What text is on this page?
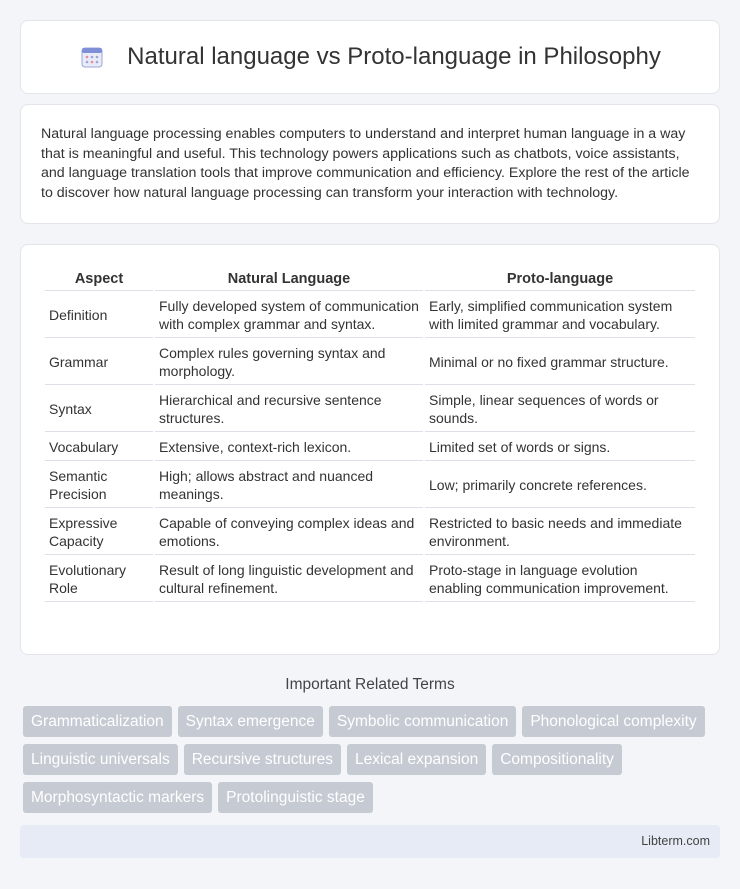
Natural language vs Proto-language in Philosophy

Natural language processing enables computers to understand and interpret human language in a way that is meaningful and useful. This technology powers applications such as chatbots, voice assistants, and language translation tools that improve communication and efficiency. Explore the rest of the article to discover how natural language processing can transform your interaction with technology.

Aspect	Natural Language	Proto-language
Definition	Fully developed system of communication with complex grammar and syntax.	Early, simplified communication system with limited grammar and vocabulary.
Grammar	Complex rules governing syntax and morphology.	Minimal or no fixed grammar structure.
Syntax	Hierarchical and recursive sentence structures.	Simple, linear sequences of words or sounds.
Vocabulary	Extensive, context-rich lexicon.	Limited set of words or signs.
Semantic Precision	High; allows abstract and nuanced meanings.	Low; primarily concrete references.
Expressive Capacity	Capable of conveying complex ideas and emotions.	Restricted to basic needs and immediate environment.
Evolutionary Role	Result of long linguistic development and cultural refinement.	Proto-stage in language evolution enabling communication improvement.
Important Related Terms
Grammaticalization	Syntax emergence	Symbolic communication	Phonological complexity
Linguistic universals	Recursive structures	Lexical expansion	Compositionality
Morphosyntactic markers	Protolinguistic stage
Libterm.com
